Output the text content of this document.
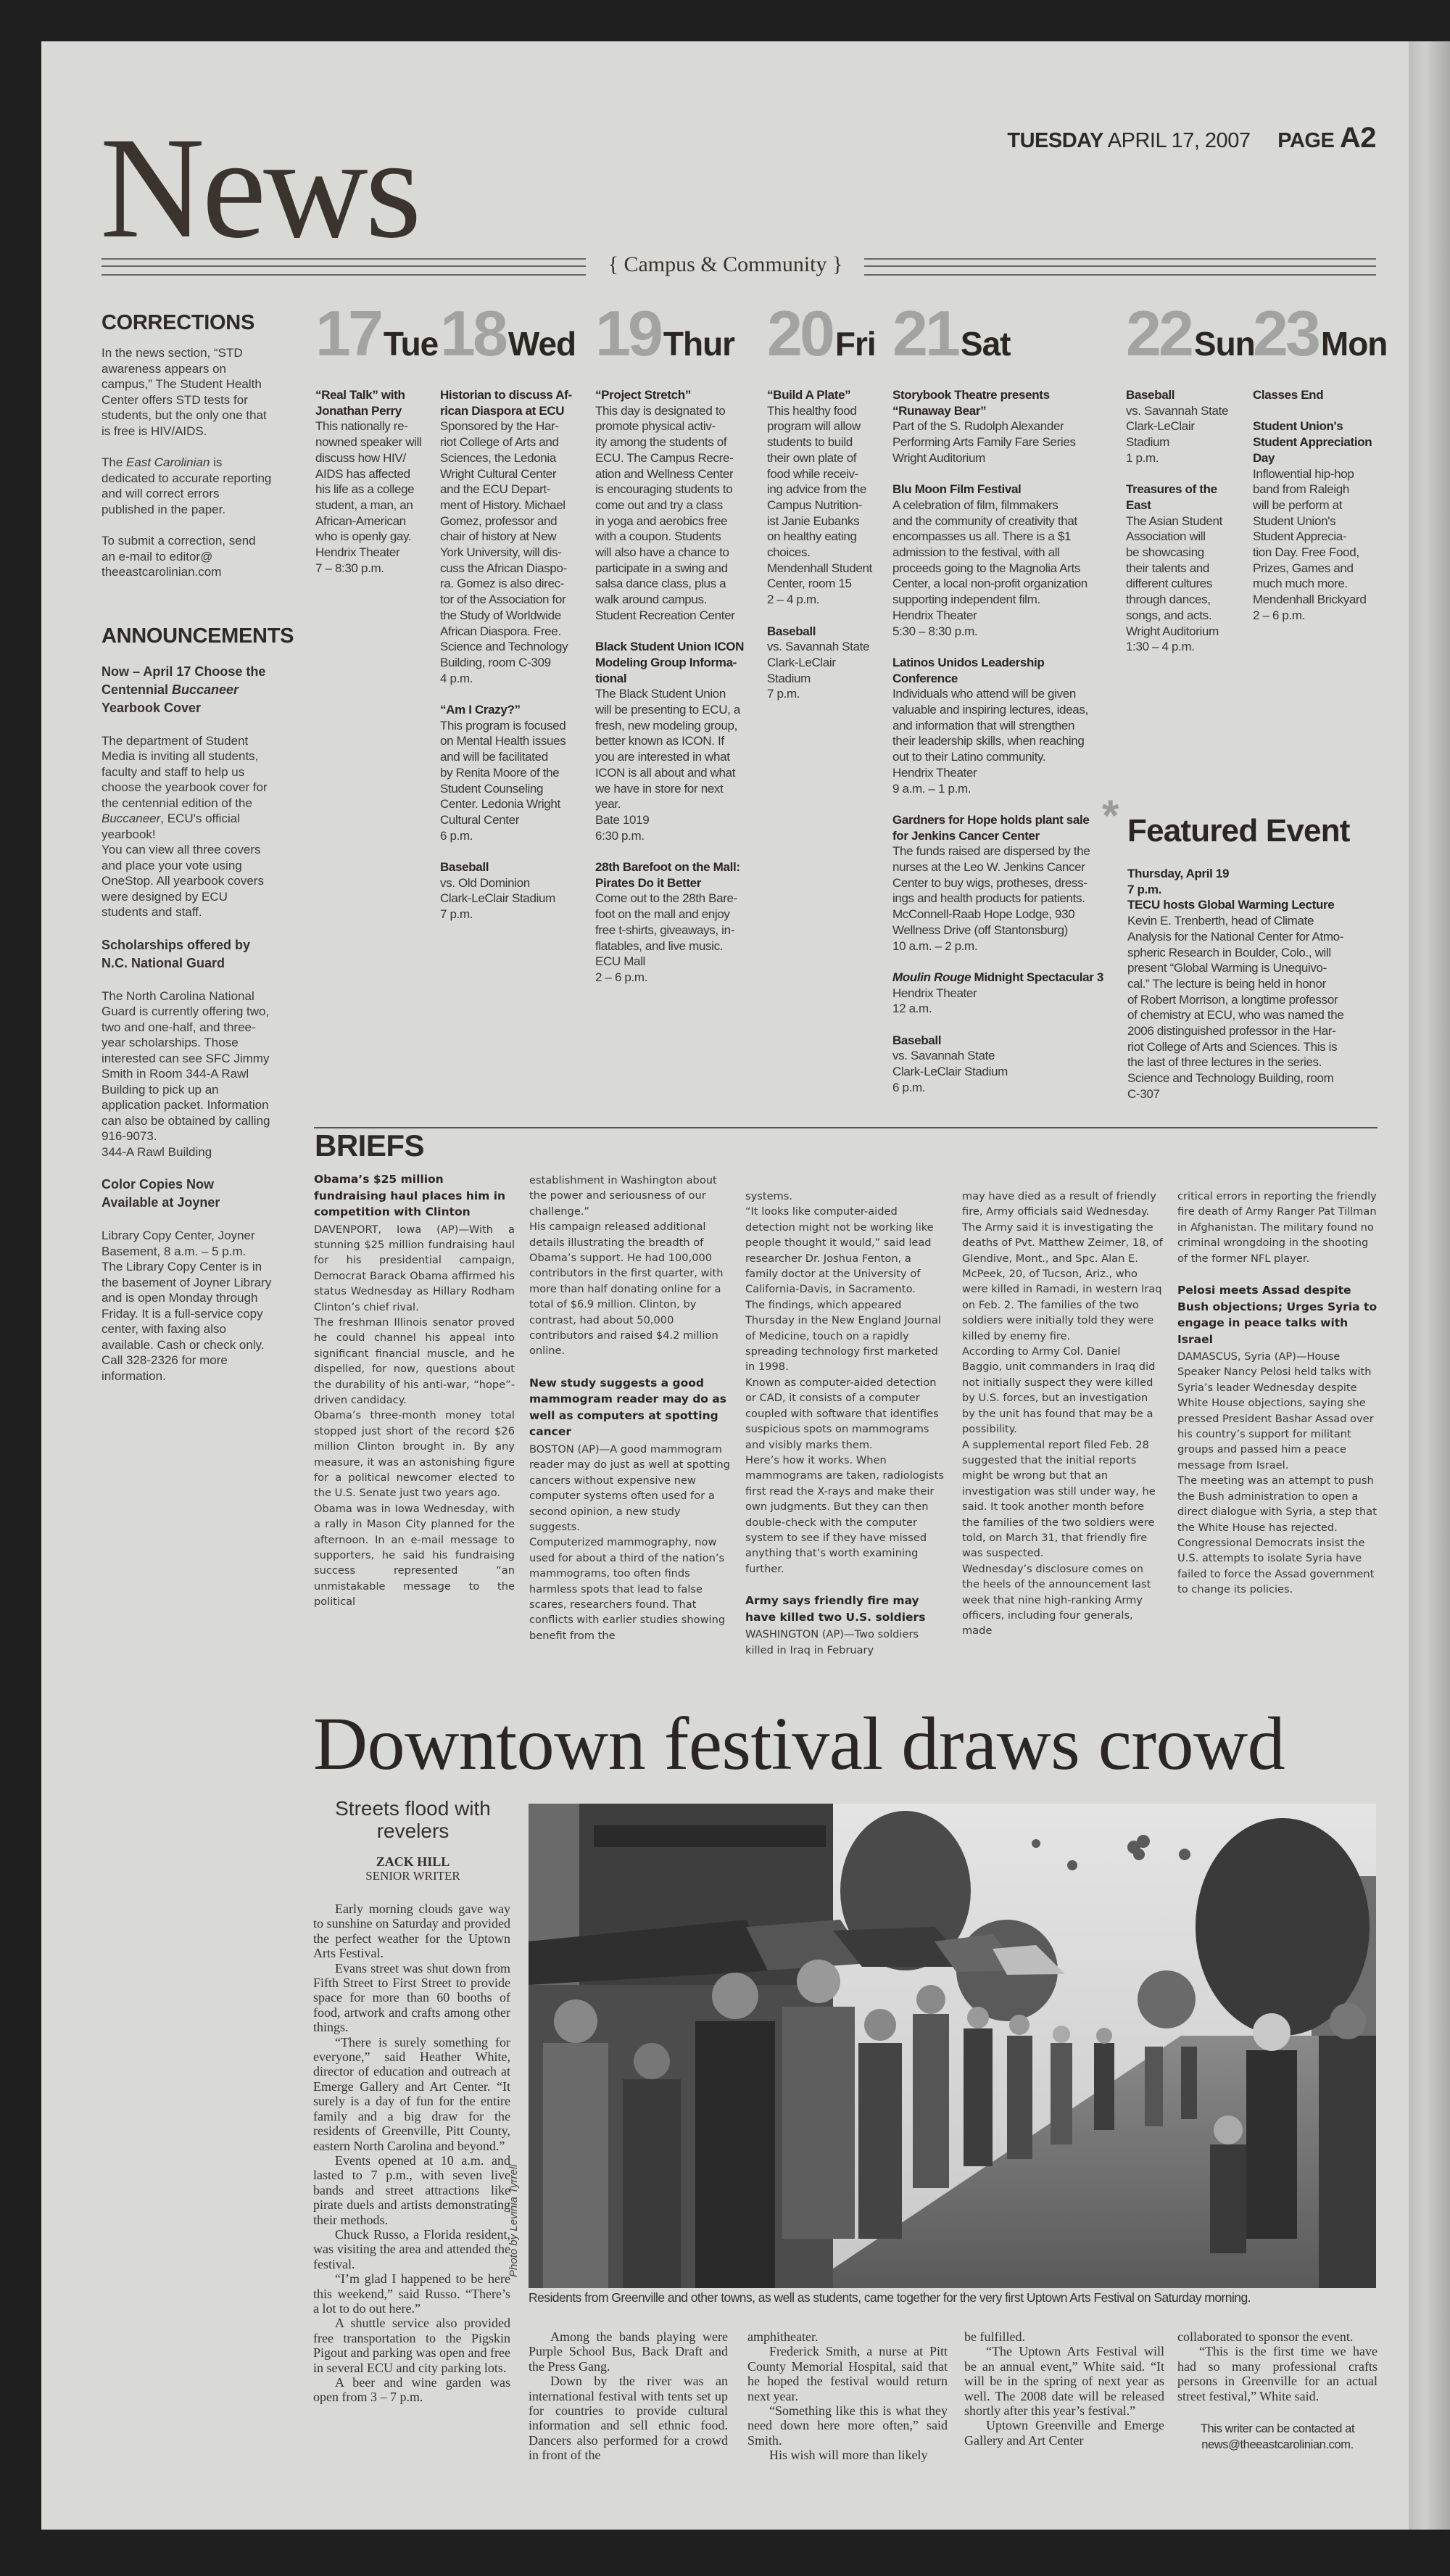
TUESDAY APRIL 17, 2007 PAGE A2
News	{ Campus & Community }
CORRECTIONS
In the news section, “STD awareness appears on campus,” The Student Health Center offers STD tests for students, but the only one that is free is HIV/AIDS.
The East Carolinian is dedicated to accurate reporting and will correct errors published in the paper.
To submit a correction, send an e-mail to editor@ theeastcarolinian.com
ANNOUNCEMENTS
Now – April 17 Choose the Centennial Buccaneer Yearbook Cover
The department of Student Media is inviting all students, faculty and staff to help us choose the yearbook cover for the centennial edition of the Buccaneer, ECU's official yearbook!
You can view all three covers and place your vote using OneStop. All yearbook covers were designed by ECU students and staff.
Scholarships offered by N.C. National Guard
The North Carolina National Guard is currently offering two, two and one-half, and three-year scholarships. Those interested can see SFC Jimmy Smith in Room 344-A Rawl Building to pick up an application packet. Information can also be obtained by calling 916-9073.
344-A Rawl Building
Color Copies Now Available at Joyner
Library Copy Center, Joyner Basement, 8 a.m. – 5 p.m.
The Library Copy Center is in the basement of Joyner Library and is open Monday through Friday. It is a full-service copy center, with faxing also available. Cash or check only. Call 328-2326 for more information.
17Tue
“Real Talk” with
Jonathan Perry
This nationally re-
nowned speaker will
discuss how HIV/
AIDS has affected
his life as a college
student, a man, an
African-American
who is openly gay.
Hendrix Theater
7 – 8:30 p.m.
18Wed
Historian to discuss Af-
rican Diaspora at ECU
Sponsored by the Har-
riot College of Arts and
Sciences, the Ledonia
Wright Cultural Center
and the ECU Depart-
ment of History. Michael
Gomez, professor and
chair of history at New
York University, will dis-
cuss the African Diaspo-
ra. Gomez is also direc-
tor of the Association for
the Study of Worldwide
African Diaspora. Free.
Science and Technology
Building, room C-309
4 p.m.
“Am I Crazy?”
This program is focused
on Mental Health issues
and will be facilitated
by Renita Moore of the
Student Counseling
Center. Ledonia Wright
Cultural Center
6 p.m.
Baseball
vs. Old Dominion
Clark-LeClair Stadium
7 p.m.
19Thur
“Project Stretch”
This day is designated to
promote physical activ-
ity among the students of
ECU. The Campus Recre-
ation and Wellness Center
is encouraging students to
come out and try a class
in yoga and aerobics free
with a coupon. Students
will also have a chance to
participate in a swing and
salsa dance class, plus a
walk around campus.
Student Recreation Center
Black Student Union ICON
Modeling Group Informa-
tional
The Black Student Union
will be presenting to ECU, a
fresh, new modeling group,
better known as ICON. If
you are interested in what
ICON is all about and what
we have in store for next
year.
Bate 1019
6:30 p.m.
28th Barefoot on the Mall:
Pirates Do it Better
Come out to the 28th Bare-
foot on the mall and enjoy
free t-shirts, giveaways, in-
flatables, and live music.
ECU Mall
2 – 6 p.m.
20Fri
“Build A Plate”
This healthy food
program will allow
students to build
their own plate of
food while receiv-
ing advice from the
Campus Nutrition-
ist Janie Eubanks
on healthy eating
choices.
Mendenhall Student
Center, room 15
2 – 4 p.m.
Baseball
vs. Savannah State
Clark-LeClair
Stadium
7 p.m.
21Sat
Storybook Theatre presents
“Runaway Bear”
Part of the S. Rudolph Alexander
Performing Arts Family Fare Series
Wright Auditorium
Blu Moon Film Festival
A celebration of film, filmmakers
and the community of creativity that
encompasses us all. There is a $1
admission to the festival, with all
proceeds going to the Magnolia Arts
Center, a local non-profit organization
supporting independent film.
Hendrix Theater
5:30 – 8:30 p.m.
Latinos Unidos Leadership
Conference
Individuals who attend will be given
valuable and inspiring lectures, ideas,
and information that will strengthen
their leadership skills, when reaching
out to their Latino community.
Hendrix Theater
9 a.m. – 1 p.m.
Gardners for Hope holds plant sale
for Jenkins Cancer Center
The funds raised are dispersed by the
nurses at the Leo W. Jenkins Cancer
Center to buy wigs, protheses, dress-
ings and health products for patients.
McConnell-Raab Hope Lodge, 930
Wellness Drive (off Stantonsburg)
10 a.m. – 2 p.m.
Moulin Rouge Midnight Spectacular 3
Hendrix Theater
12 a.m.
Baseball
vs. Savannah State
Clark-LeClair Stadium
6 p.m.
22Sun
Baseball
vs. Savannah State
Clark-LeClair
Stadium
1 p.m.
Treasures of the
East
The Asian Student
Association will
be showcasing
their talents and
different cultures
through dances,
songs, and acts.
Wright Auditorium
1:30 – 4 p.m.
23Mon
Classes End
Student Union's
Student Appreciation
Day
Inflowential hip-hop
band from Raleigh
will be perform at
Student Union's
Student Apprecia-
tion Day. Free Food,
Prizes, Games and
much much more.
Mendenhall Brickyard
2 – 6 p.m.
* Featured Event
Thursday, April 19
7 p.m.
TECU hosts Global Warming Lecture
Kevin E. Trenberth, head of Climate
Analysis for the National Center for Atmo-
spheric Research in Boulder, Colo., will
present “Global Warming is Unequivo-
cal.” The lecture is being held in honor
of Robert Morrison, a longtime professor
of chemistry at ECU, who was named the
2006 distinguished professor in the Har-
riot College of Arts and Sciences. This is
the last of three lectures in the series.
Science and Technology Building, room
C-307
BRIEFS
Obama’s $25 million fundraising haul places him in competition with Clinton
DAVENPORT, Iowa (AP)—With a stunning $25 million fundraising haul for his presidential campaign, Democrat Barack Obama affirmed his status Wednesday as Hillary Rodham Clinton’s chief rival.
The freshman Illinois senator proved he could channel his appeal into significant financial muscle, and he dispelled, for now, questions about the durability of his anti-war, “hope”-driven candidacy.
Obama’s three-month money total stopped just short of the record $26 million Clinton brought in. By any measure, it was an astonishing figure for a political newcomer elected to the U.S. Senate just two years ago.
Obama was in Iowa Wednesday, with a rally in Mason City planned for the afternoon. In an e-mail message to supporters, he said his fundraising success represented “an unmistakable message to the political
establishment in Washington about the power and seriousness of our challenge.”
His campaign released additional details illustrating the breadth of Obama’s support. He had 100,000 contributors in the first quarter, with more than half donating online for a total of $6.9 million. Clinton, by contrast, had about 50,000 contributors and raised $4.2 million online.
New study suggests a good mammogram reader may do as well as computers at spotting cancer
BOSTON (AP)—A good mammogram reader may do just as well at spotting cancers without expensive new computer systems often used for a second opinion, a new study suggests.
Computerized mammography, now used for about a third of the nation’s mammograms, too often finds harmless spots that lead to false scares, researchers found. That conflicts with earlier studies showing benefit from the
systems.
“It looks like computer-aided detection might not be working like people thought it would,” said lead researcher Dr. Joshua Fenton, a family doctor at the University of California-Davis, in Sacramento.
The findings, which appeared Thursday in the New England Journal of Medicine, touch on a rapidly spreading technology first marketed in 1998.
Known as computer-aided detection or CAD, it consists of a computer coupled with software that identifies suspicious spots on mammograms and visibly marks them.
Here’s how it works. When mammograms are taken, radiologists first read the X-rays and make their own judgments. But they can then double-check with the computer system to see if they have missed anything that’s worth examining further.
Army says friendly fire may have killed two U.S. soldiers
WASHINGTON (AP)—Two soldiers killed in Iraq in February
may have died as a result of friendly fire, Army officials said Wednesday.
The Army said it is investigating the deaths of Pvt. Matthew Zeimer, 18, of Glendive, Mont., and Spc. Alan E. McPeek, 20, of Tucson, Ariz., who were killed in Ramadi, in western Iraq on Feb. 2. The families of the two soldiers were initially told they were killed by enemy fire.
According to Army Col. Daniel Baggio, unit commanders in Iraq did not initially suspect they were killed by U.S. forces, but an investigation by the unit has found that may be a possibility.
A supplemental report filed Feb. 28 suggested that the initial reports might be wrong but that an investigation was still under way, he said. It took another month before the families of the two soldiers were told, on March 31, that friendly fire was suspected.
Wednesday’s disclosure comes on the heels of the announcement last week that nine high-ranking Army officers, including four generals, made
critical errors in reporting the friendly fire death of Army Ranger Pat Tillman in Afghanistan. The military found no criminal wrongdoing in the shooting of the former NFL player.
Pelosi meets Assad despite Bush objections; Urges Syria to engage in peace talks with Israel
DAMASCUS, Syria (AP)—House Speaker Nancy Pelosi held talks with Syria’s leader Wednesday despite White House objections, saying she pressed President Bashar Assad over his country’s support for militant groups and passed him a peace message from Israel.
The meeting was an attempt to push the Bush administration to open a direct dialogue with Syria, a step that the White House has rejected.
Congressional Democrats insist the U.S. attempts to isolate Syria have failed to force the Assad government to change its policies.
Downtown festival draws crowd
Streets flood with revelers
ZACK HILL
SENIOR WRITER
Photo by Levinia Tyrrell
Residents from Greenville and other towns, as well as students, came together for the very first Uptown Arts Festival on Saturday morning.
Early morning clouds gave way to sunshine on Saturday and provided the perfect weather for the Uptown Arts Festival.
Evans street was shut down from Fifth Street to First Street to provide space for more than 60 booths of food, artwork and crafts among other things.
“There is surely something for everyone,” said Heather White, director of education and outreach at Emerge Gallery and Art Center. “It surely is a day of fun for the entire family and a big draw for the residents of Greenville, Pitt County, eastern North Carolina and beyond.”
Events opened at 10 a.m. and lasted to 7 p.m., with seven live bands and street attractions like pirate duels and artists demonstrating their methods.
Chuck Russo, a Florida resident, was visiting the area and attended the festival.
“I’m glad I happened to be here this weekend,” said Russo. “There’s a lot to do out here.”
A shuttle service also provided free transportation to the Pigskin Pigout and parking was open and free in several ECU and city parking lots.
A beer and wine garden was open from 3 – 7 p.m.
Among the bands playing were Purple School Bus, Back Draft and the Press Gang.
Down by the river was an international festival with tents set up for countries to provide cultural information and sell ethnic food. Dancers also performed for a crowd in front of the
amphitheater.
Frederick Smith, a nurse at Pitt County Memorial Hospital, said that he hoped the festival would return next year.
“Something like this is what they need down here more often,” said Smith.
His wish will more than likely
be fulfilled.
“The Uptown Arts Festival will be an annual event,” White said. “It will be in the spring of next year as well. The 2008 date will be released shortly after this year’s festival.”
Uptown Greenville and Emerge Gallery and Art Center
collaborated to sponsor the event.
“This is the first time we have had so many professional crafts persons in Greenville for an actual street festival,” White said.
This writer can be contacted at
news@theeastcarolinian.com.
